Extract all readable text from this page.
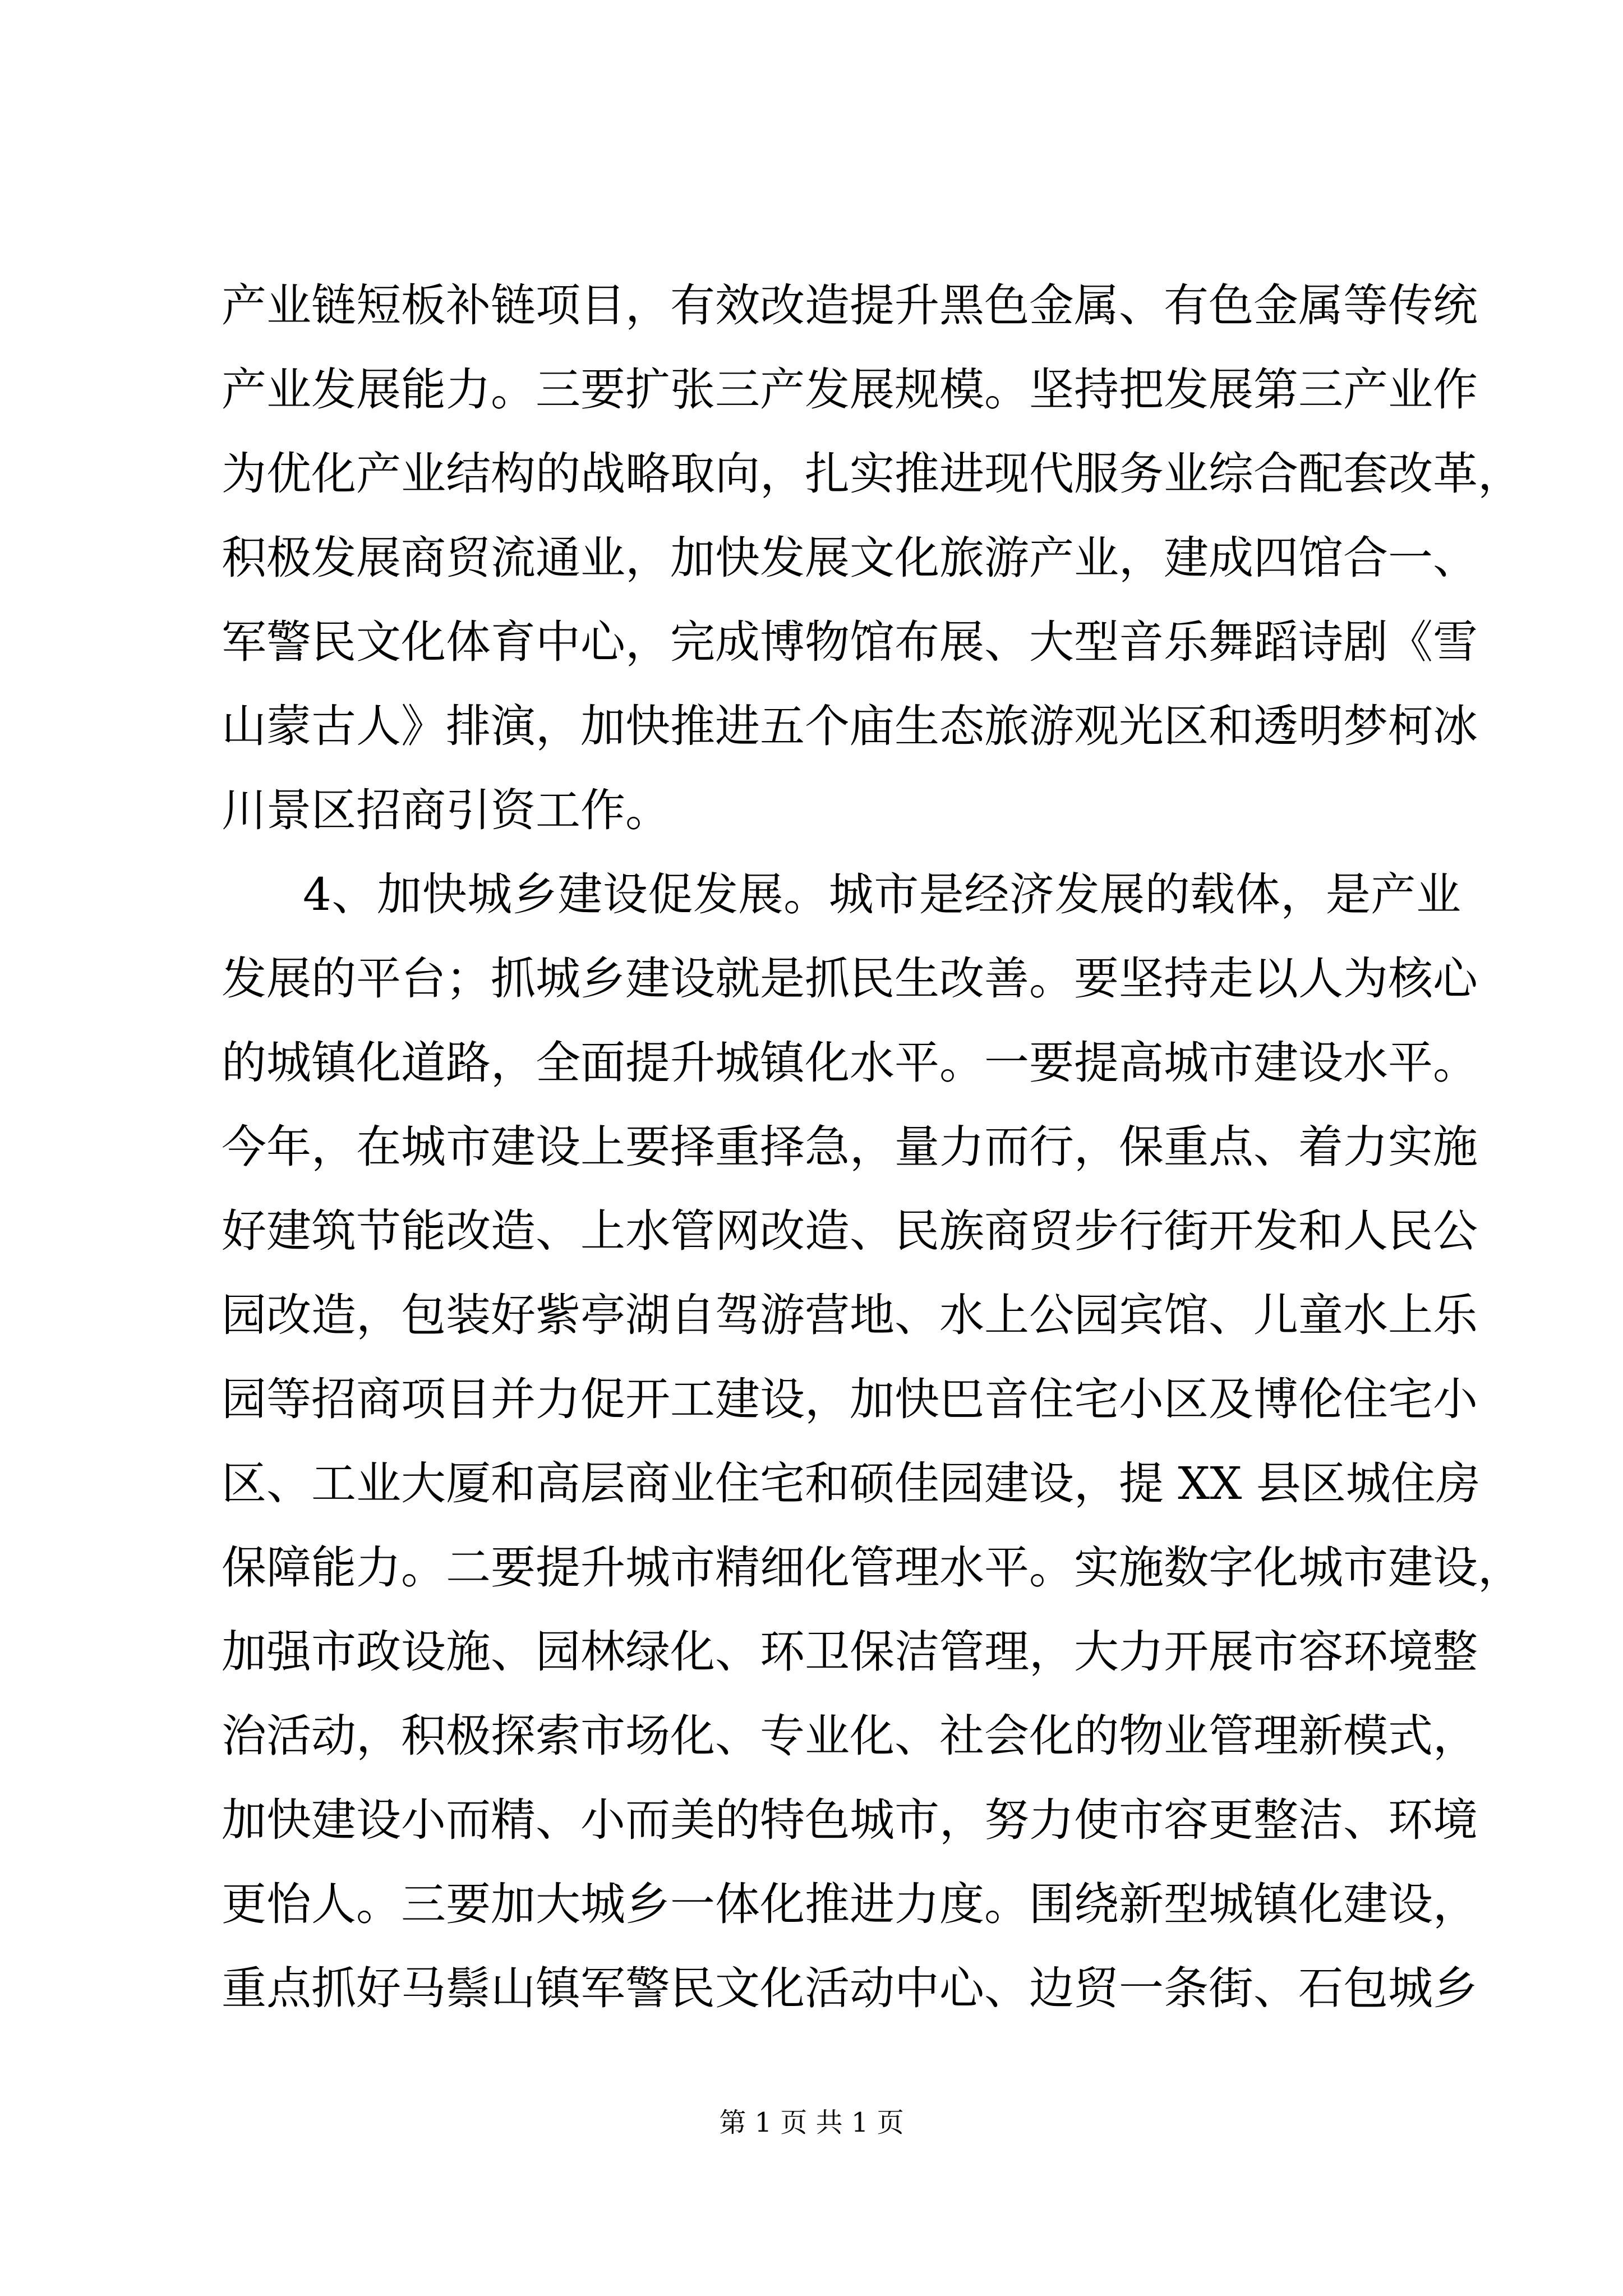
产业链短板补链项目，有效改造提升黑色金属、有色金属等传统
产业发展能力。三要扩张三产发展规模。坚持把发展第三产业作
为优化产业结构的战略取向，扎实推进现代服务业综合配套改革，
积极发展商贸流通业，加快发展文化旅游产业，建成四馆合一、
军警民文化体育中心，完成博物馆布展、大型音乐舞蹈诗剧《雪
山蒙古人》排演，加快推进五个庙生态旅游观光区和透明梦柯冰
川景区招商引资工作。
4、加快城乡建设促发展。城市是经济发展的载体，是产业
发展的平台；抓城乡建设就是抓民生改善。要坚持走以人为核心
的城镇化道路，全面提升城镇化水平。一要提高城市建设水平。
今年，在城市建设上要择重择急，量力而行，保重点、着力实施
好建筑节能改造、上水管网改造、民族商贸步行街开发和人民公
园改造，包装好紫亭湖自驾游营地、水上公园宾馆、儿童水上乐
园等招商项目并力促开工建设，加快巴音住宅小区及博伦住宅小
区、工业大厦和高层商业住宅和硕佳园建设，提 XX 县区城住房
保障能力。二要提升城市精细化管理水平。实施数字化城市建设，
加强市政设施、园林绿化、环卫保洁管理，大力开展市容环境整
治活动，积极探索市场化、专业化、社会化的物业管理新模式，
加快建设小而精、小而美的特色城市，努力使市容更整洁、环境
更怡人。三要加大城乡一体化推进力度。围绕新型城镇化建设，
重点抓好马鬃山镇军警民文化活动中心、边贸一条街、石包城乡
第 1 页 共 1 页
